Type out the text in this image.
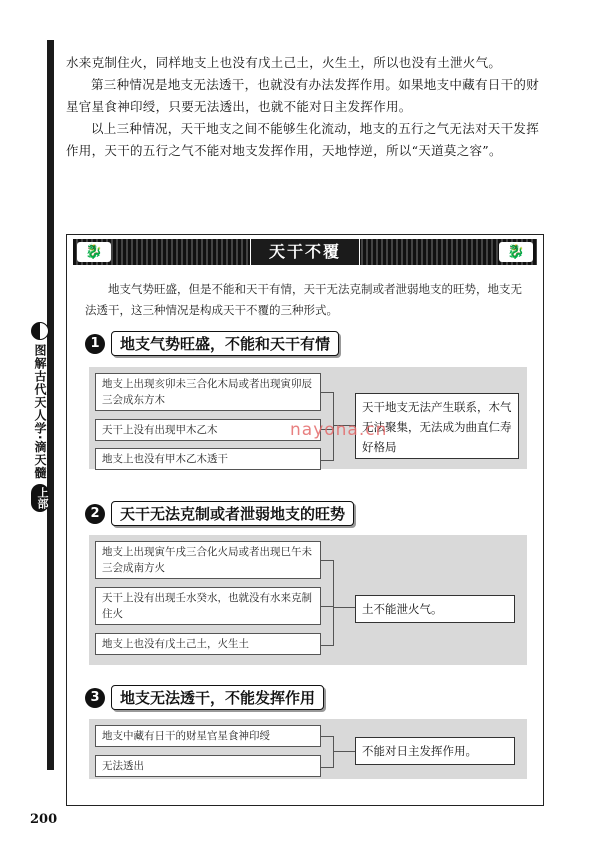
图解古代天人学·滴天髓
上部

水来克制住火，同样地支上也没有戊土己土，火生土，所以也没有土泄火气。

第三种情况是地支无法透干，也就没有办法发挥作用。如果地支中藏有日干的财星官星食神印绶，只要无法透出，也就不能对日主发挥作用。

以上三种情况，天干地支之间不能够生化流动，地支的五行之气无法对天干发挥作用，天干的五行之气不能对地支发挥作用，天地悖逆，所以“天道莫之容”。

🐉	天干不覆	🐉

地支气势旺盛，但是不能和天干有情，天干无法克制或者泄弱地支的旺势，地支无法透干，这三种情况是构成天干不覆的三种形式。

1	地支气势旺盛，不能和天干有情
地支上出现亥卯未三合化木局或者出现寅卯辰三会成东方木
天干上没有出现甲木乙木
地支上也没有甲木乙木透干
天干地支无法产生联系，木气无法聚集，无法成为曲直仁寿好格局
2	天干无法克制或者泄弱地支的旺势
地支上出现寅午戌三合化火局或者出现巳午未三会成南方火
天干上没有出现壬水癸水，也就没有水来克制住火
地支上也没有戊土己土，火生土
土不能泄火气。
3	地支无法透干，不能发挥作用
地支中藏有日干的财星官星食神印绶
无法透出
不能对日主发挥作用。
nayona.cn
200
